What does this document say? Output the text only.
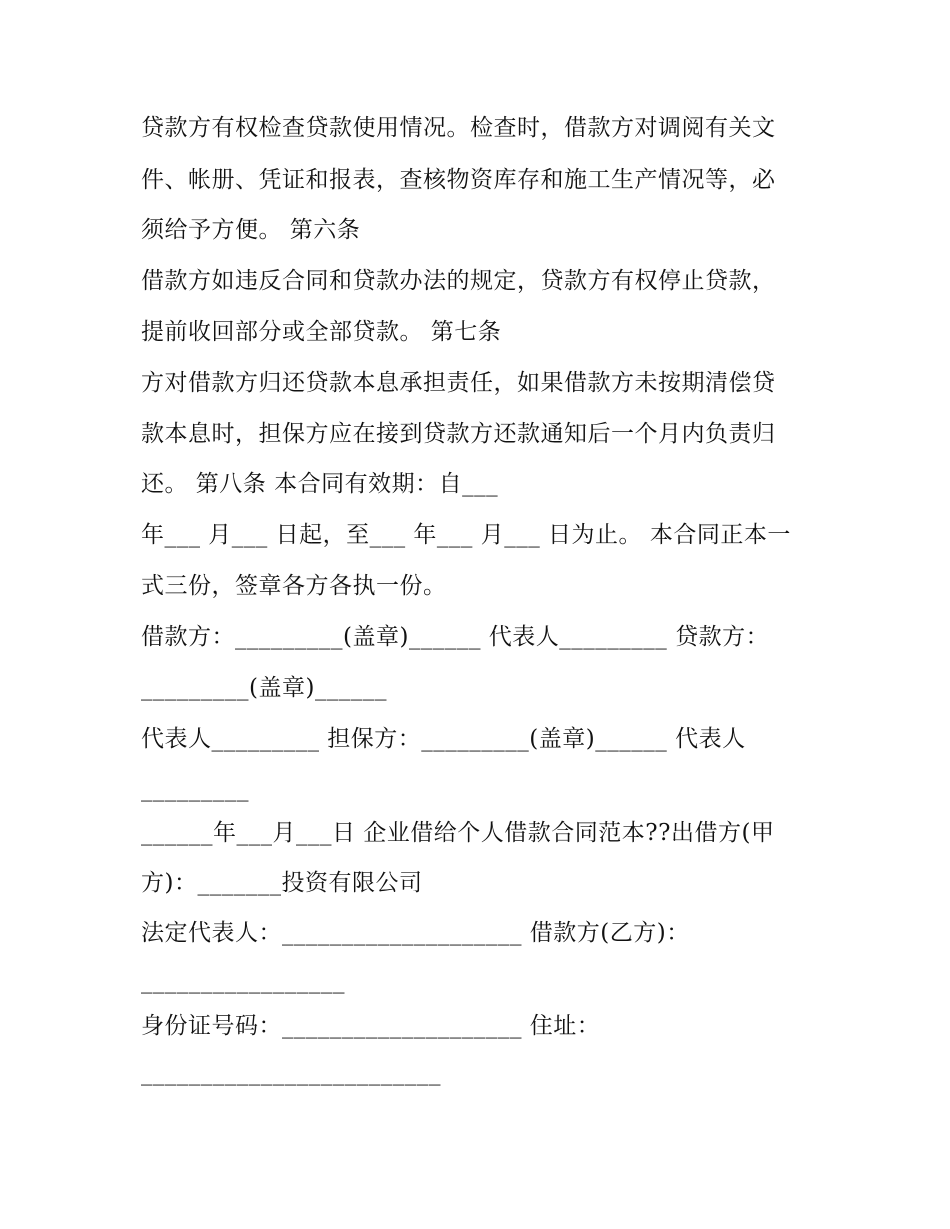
贷款方有权检查贷款使用情况。检查时，借款方对调阅有关文
件、帐册、凭证和报表，查核物资库存和施工生产情况等，必
须给予方便。 第六条
借款方如违反合同和贷款办法的规定，贷款方有权停止贷款，
提前收回部分或全部贷款。 第七条
方对借款方归还贷款本息承担责任，如果借款方未按期清偿贷
款本息时，担保方应在接到贷款方还款通知后一个月内负责归
还。 第八条 本合同有效期：自___
年___ 月___ 日起，至___ 年___ 月___ 日为止。 本合同正本一
式三份，签章各方各执一份。
借款方：_________(盖章)______ 代表人_________ 贷款方：
_________(盖章)______
代表人_________ 担保方：_________(盖章)______ 代表人
_________
______年___月___日 企业借给个人借款合同范本??出借方(甲
方)：_______投资有限公司
法定代表人：____________________ 借款方(乙方)：
_________________
身份证号码：____________________ 住址：
_________________________
